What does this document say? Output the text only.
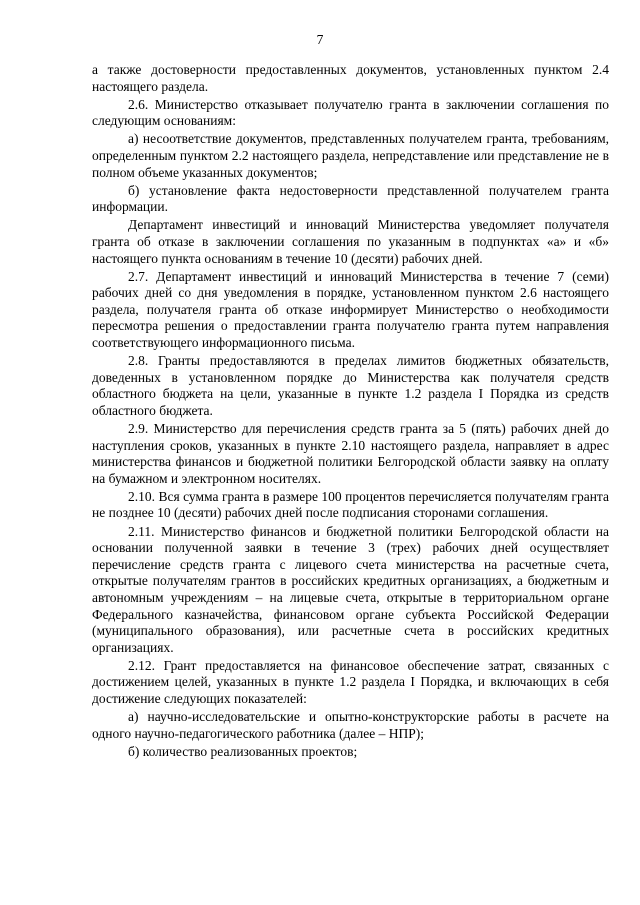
7

а также достоверности предоставленных документов, установленных пунктом 2.4 настоящего раздела.

2.6. Министерство отказывает получателю гранта в заключении соглашения по следующим основаниям:

а) несоответствие документов, представленных получателем гранта, требованиям, определенным пунктом 2.2 настоящего раздела, непредставление или представление не в полном объеме указанных документов;

б) установление факта недостоверности представленной получателем гранта информации.

Департамент инвестиций и инноваций Министерства уведомляет получателя гранта об отказе в заключении соглашения по указанным в подпунктах «а» и «б» настоящего пункта основаниям в течение 10 (десяти) рабочих дней.

2.7. Департамент инвестиций и инноваций Министерства в течение 7 (семи) рабочих дней со дня уведомления в порядке, установленном пунктом 2.6 настоящего раздела, получателя гранта об отказе информирует Министерство о необходимости пересмотра решения о предоставлении гранта получателю гранта путем направления соответствующего информационного письма.

2.8. Гранты предоставляются в пределах лимитов бюджетных обязательств, доведенных в установленном порядке до Министерства как получателя средств областного бюджета на цели, указанные в пункте 1.2 раздела I Порядка из средств областного бюджета.

2.9. Министерство для перечисления средств гранта за 5 (пять) рабочих дней до наступления сроков, указанных в пункте 2.10 настоящего раздела, направляет в адрес министерства финансов и бюджетной политики Белгородской области заявку на оплату на бумажном и электронном носителях.

2.10. Вся сумма гранта в размере 100 процентов перечисляется получателям гранта не позднее 10 (десяти) рабочих дней после подписания сторонами соглашения.

2.11. Министерство финансов и бюджетной политики Белгородской области на основании полученной заявки в течение 3 (трех) рабочих дней осуществляет перечисление средств гранта с лицевого счета министерства на расчетные счета, открытые получателям грантов в российских кредитных организациях, а бюджетным и автономным учреждениям – на лицевые счета, открытые в территориальном органе Федерального казначейства, финансовом органе субъекта Российской Федерации (муниципального образования), или расчетные счета в российских кредитных организациях.

2.12. Грант предоставляется на финансовое обеспечение затрат, связанных с достижением целей, указанных в пункте 1.2 раздела I Порядка, и включающих в себя достижение следующих показателей:

а) научно-исследовательские и опытно-конструкторские работы в расчете на одного научно-педагогического работника (далее – НПР);

б) количество реализованных проектов;
